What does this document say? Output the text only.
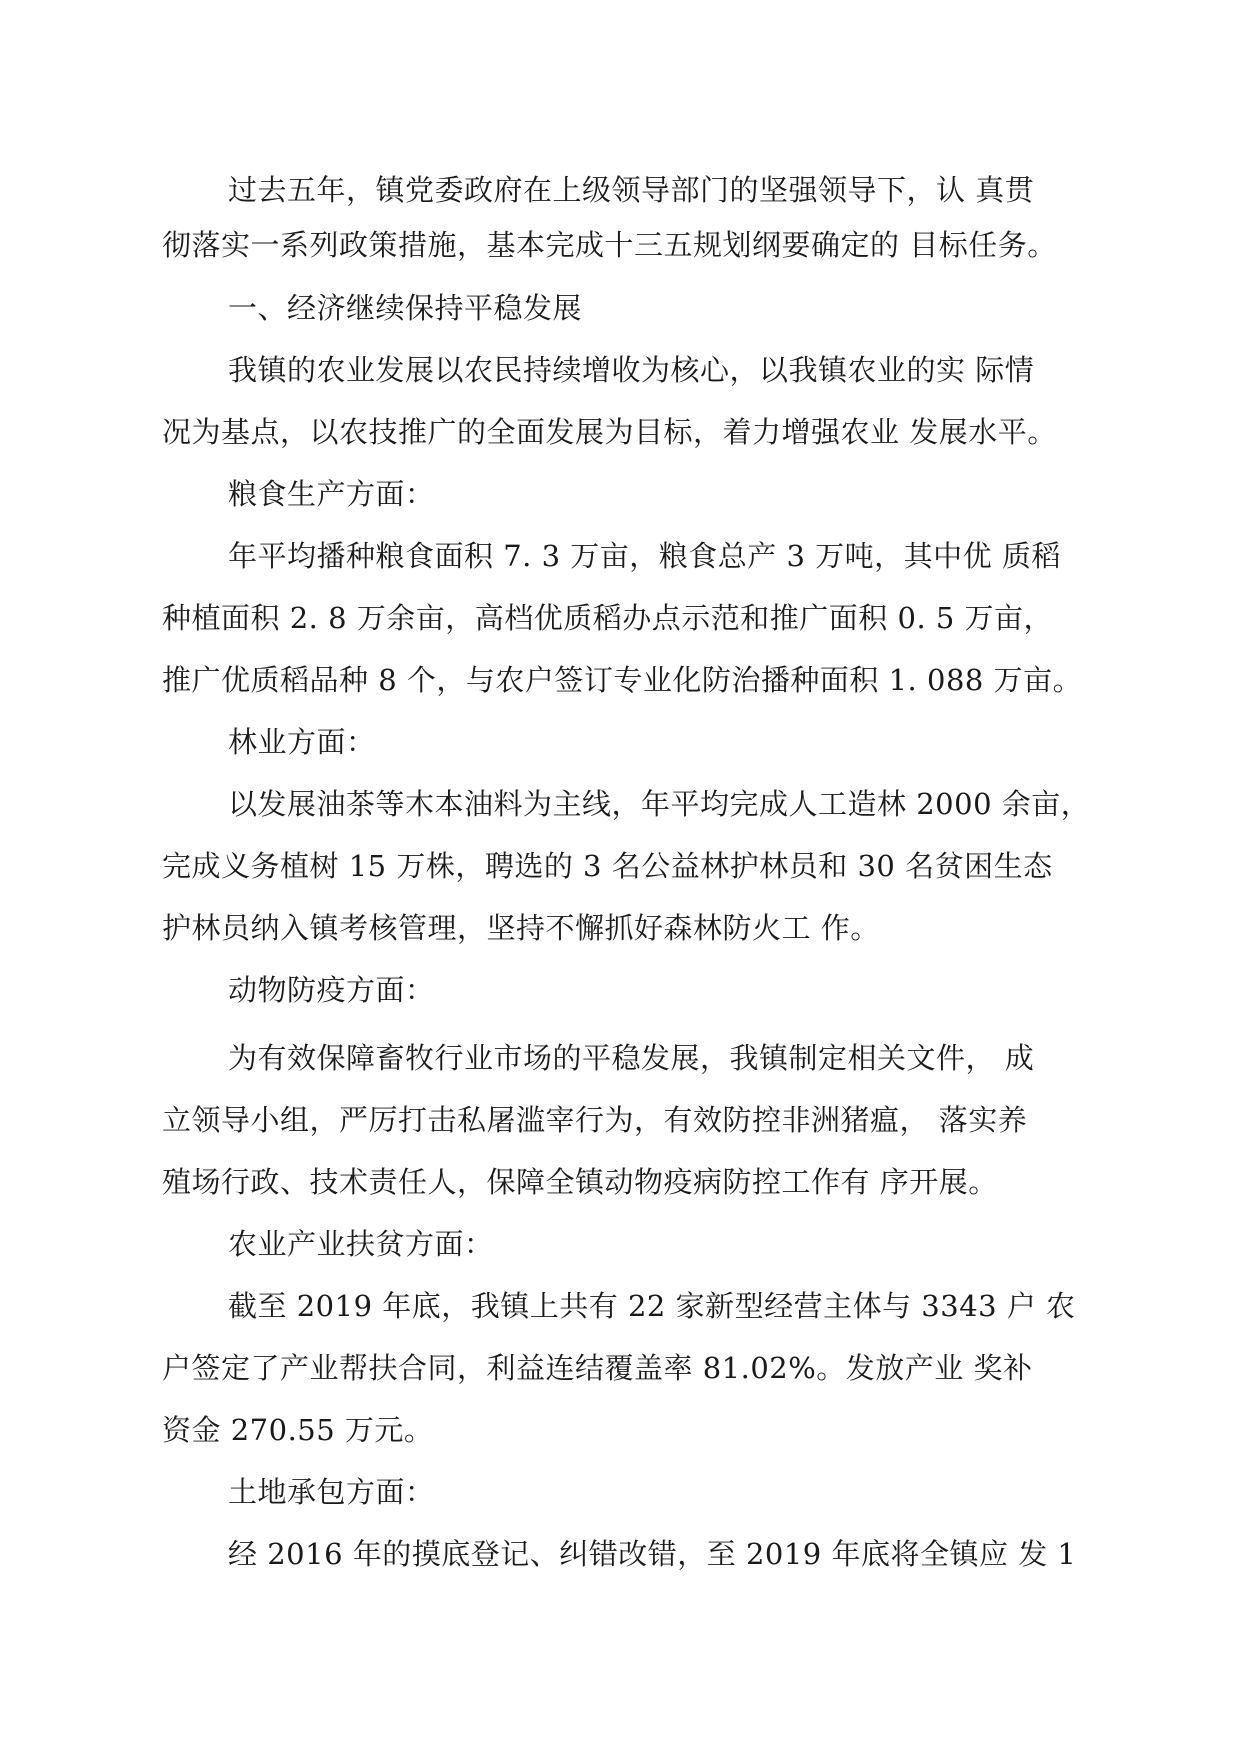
过去五年，镇党委政府在上级领导部门的坚强领导下，认 真贯
彻落实一系列政策措施，基本完成十三五规划纲要确定的 目标任务。
一、经济继续保持平稳发展
我镇的农业发展以农民持续增收为核心，以我镇农业的实 际情
况为基点，以农技推广的全面发展为目标，着力增强农业 发展水平。
粮食生产方面：
年平均播种粮食面积 7. 3 万亩，粮食总产 3 万吨，其中优 质稻
种植面积 2. 8 万余亩，高档优质稻办点示范和推广面积 0. 5 万亩，
推广优质稻品种 8 个，与农户签订专业化防治播种面积 1. 088 万亩。
林业方面：
以发展油茶等木本油料为主线，年平均完成人工造林 2000 余亩，
完成义务植树 15 万株，聘选的 3 名公益林护林员和 30 名贫困生态
护林员纳入镇考核管理，坚持不懈抓好森林防火工 作。
动物防疫方面：
为有效保障畜牧行业市场的平稳发展，我镇制定相关文件， 成
立领导小组，严厉打击私屠滥宰行为，有效防控非洲猪瘟， 落实养
殖场行政、技术责任人，保障全镇动物疫病防控工作有 序开展。
农业产业扶贫方面：
截至 2019 年底，我镇上共有 22 家新型经营主体与 3343 户 农
户签定了产业帮扶合同，利益连结覆盖率 81.02%。发放产业 奖补
资金 270.55 万元。
土地承包方面：
经 2016 年的摸底登记、纠错改错，至 2019 年底将全镇应 发 1
